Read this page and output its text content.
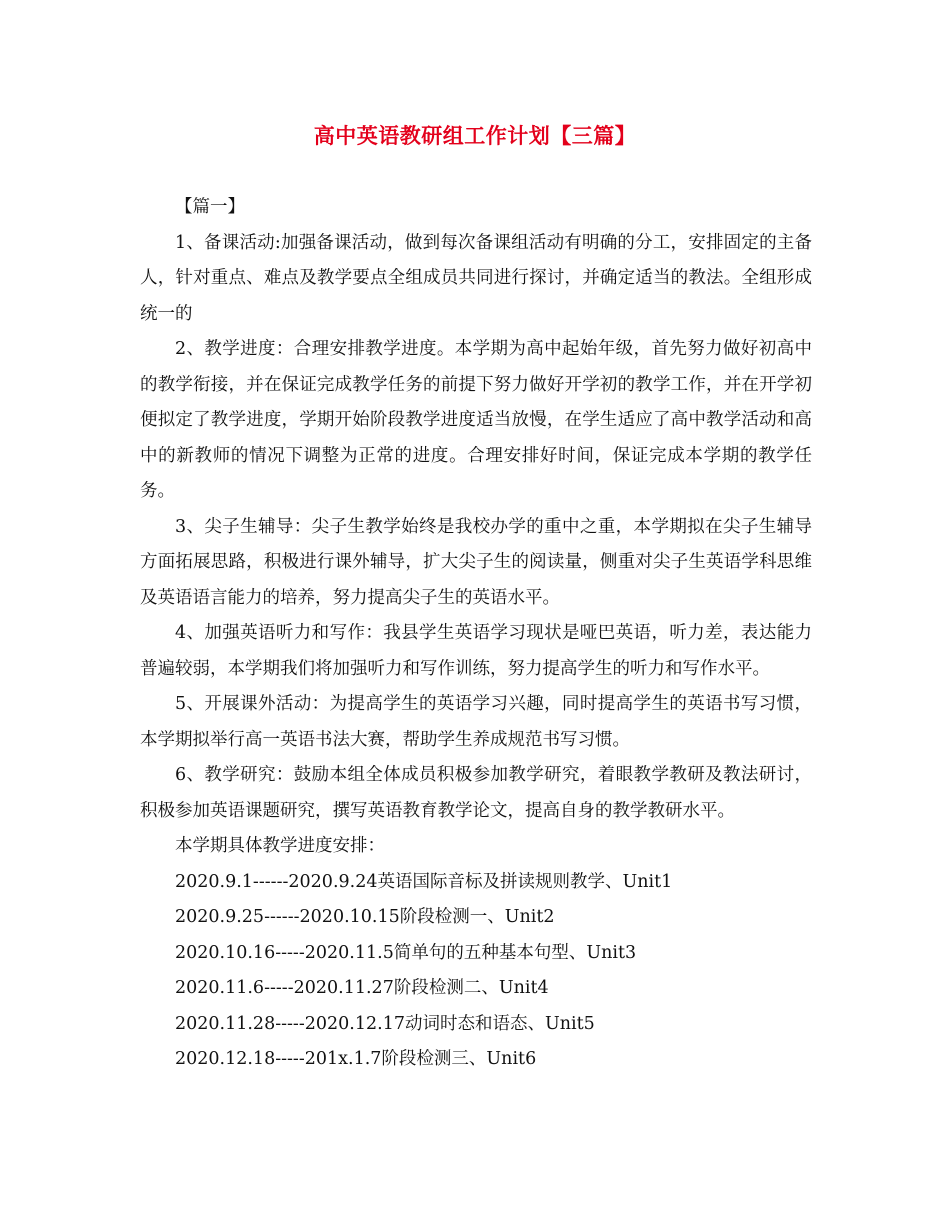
高中英语教研组工作计划【三篇】

【篇一】

1、备课活动:加强备课活动，做到每次备课组活动有明确的分工，安排固定的主备人，针对重点、难点及教学要点全组成员共同进行探讨，并确定适当的教法。全组形成统一的

2、教学进度：合理安排教学进度。本学期为高中起始年级，首先努力做好初高中的教学衔接，并在保证完成教学任务的前提下努力做好开学初的教学工作，并在开学初便拟定了教学进度，学期开始阶段教学进度适当放慢，在学生适应了高中教学活动和高中的新教师的情况下调整为正常的进度。合理安排好时间，保证完成本学期的教学任务。

3、尖子生辅导：尖子生教学始终是我校办学的重中之重，本学期拟在尖子生辅导方面拓展思路，积极进行课外辅导，扩大尖子生的阅读量，侧重对尖子生英语学科思维及英语语言能力的培养，努力提高尖子生的英语水平。

4、加强英语听力和写作：我县学生英语学习现状是哑巴英语，听力差，表达能力普遍较弱，本学期我们将加强听力和写作训练，努力提高学生的听力和写作水平。

5、开展课外活动：为提高学生的英语学习兴趣，同时提高学生的英语书写习惯，本学期拟举行高一英语书法大赛，帮助学生养成规范书写习惯。

6、教学研究：鼓励本组全体成员积极参加教学研究，着眼教学教研及教法研讨，积极参加英语课题研究，撰写英语教育教学论文，提高自身的教学教研水平。

本学期具体教学进度安排：

2020.9.1------2020.9.24英语国际音标及拼读规则教学、Unit1

2020.9.25------2020.10.15阶段检测一、Unit2

2020.10.16-----2020.11.5简单句的五种基本句型、Unit3

2020.11.6-----2020.11.27阶段检测二、Unit4

2020.11.28-----2020.12.17动词时态和语态、Unit5

2020.12.18-----201x.1.7阶段检测三、Unit6
